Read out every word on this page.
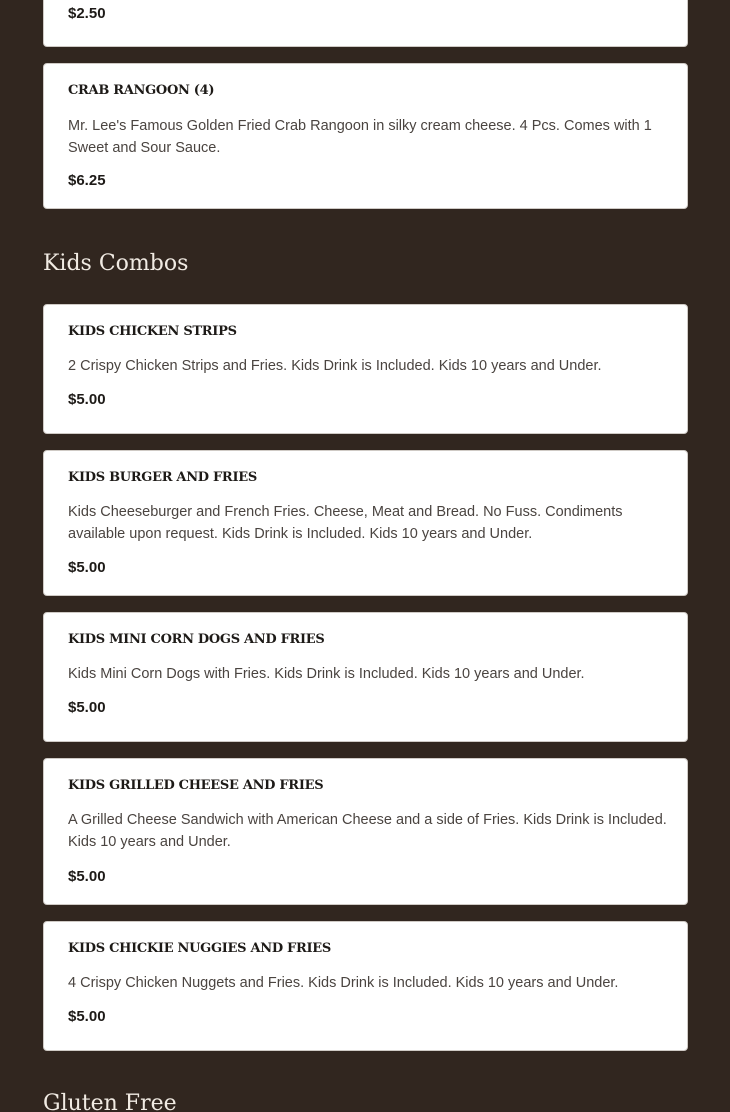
$2.50
CRAB RANGOON (4)
Mr. Lee's Famous Golden Fried Crab Rangoon in silky cream cheese. 4 Pcs. Comes with 1 Sweet and Sour Sauce.
$6.25
Kids Combos
KIDS CHICKEN STRIPS
2 Crispy Chicken Strips and Fries. Kids Drink is Included. Kids 10 years and Under.
$5.00
KIDS BURGER AND FRIES
Kids Cheeseburger and French Fries. Cheese, Meat and Bread. No Fuss. Condiments available upon request. Kids Drink is Included. Kids 10 years and Under.
$5.00
KIDS MINI CORN DOGS AND FRIES
Kids Mini Corn Dogs with Fries. Kids Drink is Included. Kids 10 years and Under.
$5.00
KIDS GRILLED CHEESE AND FRIES
A Grilled Cheese Sandwich with American Cheese and a side of Fries. Kids Drink is Included. Kids 10 years and Under.
$5.00
KIDS CHICKIE NUGGIES AND FRIES
4 Crispy Chicken Nuggets and Fries. Kids Drink is Included. Kids 10 years and Under.
$5.00
Gluten Free
